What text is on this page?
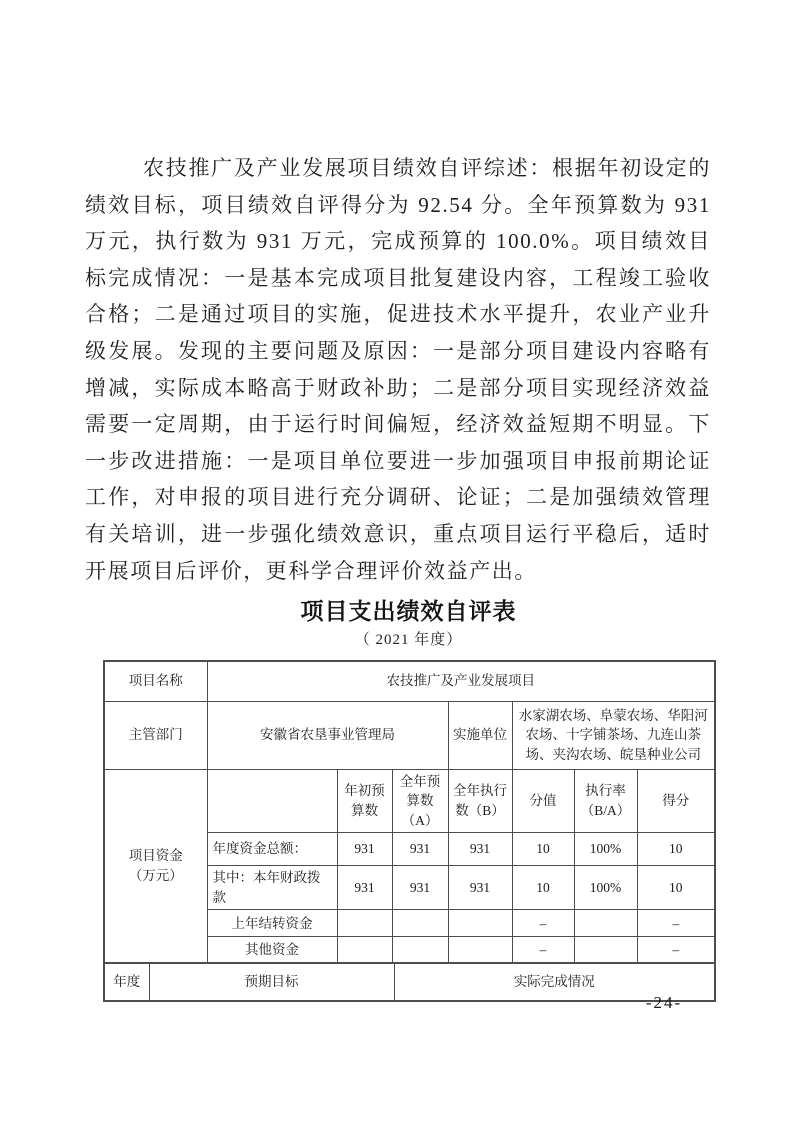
农技推广及产业发展项目绩效自评综述：根据年初设定的绩效目标，项目绩效自评得分为 92.54 分。全年预算数为 931 万元，执行数为 931 万元，完成预算的 100.0%。项目绩效目标完成情况：一是基本完成项目批复建设内容，工程竣工验收合格；二是通过项目的实施，促进技术水平提升，农业产业升级发展。发现的主要问题及原因：一是部分项目建设内容略有增减，实际成本略高于财政补助；二是部分项目实现经济效益需要一定周期，由于运行时间偏短，经济效益短期不明显。下一步改进措施：一是项目单位要进一步加强项目申报前期论证工作，对申报的项目进行充分调研、论证；二是加强绩效管理有关培训，进一步强化绩效意识，重点项目运行平稳后，适时开展项目后评价，更科学合理评价效益产出。
项目支出绩效自评表
（ 2021 年度）
项目名称	农技推广及产业发展项目						
主管部门	安徽省农垦事业管理局			实施单位	水家湖农场、阜蒙农场、华阳河农场、十字铺茶场、九连山茶场、夹沟农场、皖垦种业公司		

项目资金
（万元）		年初预算数	全年预算数（A）	全年执行数（B）	分值	执行率（B/A）	得分
	年度资金总额：	931	931	931	10	100%	10
	其中：本年财政拨款	931	931	931	10	100%	10
	上年结转资金				–		–
	其他资金				–		–
年度	预期目标	实际完成情况
-24-
